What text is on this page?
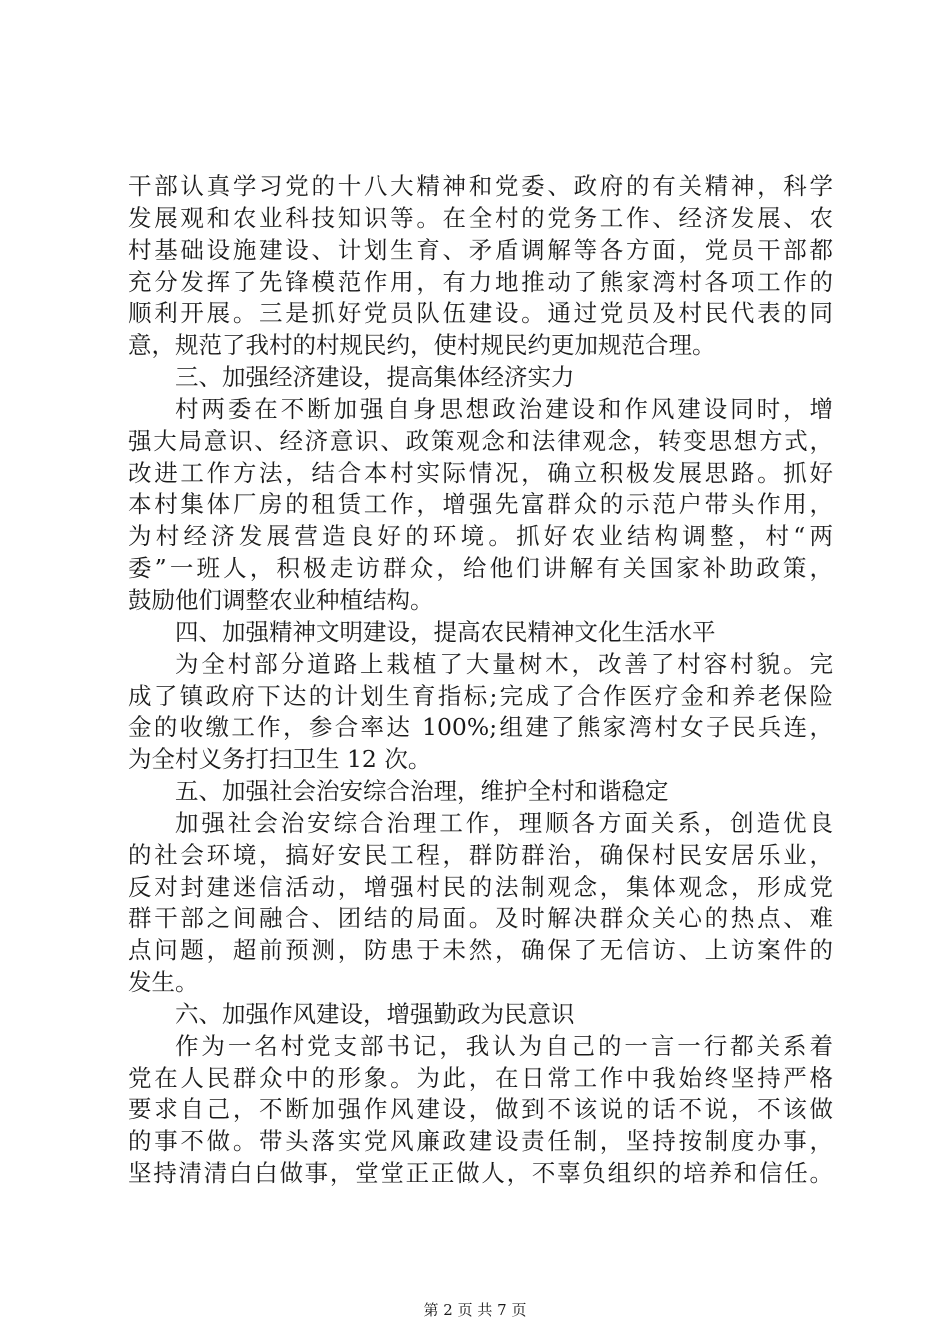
干部认真学习党的十八大精神和党委、政府的有关精神，科学
发展观和农业科技知识等。在全村的党务工作、经济发展、农
村基础设施建设、计划生育、矛盾调解等各方面，党员干部都
充分发挥了先锋模范作用，有力地推动了熊家湾村各项工作的
顺利开展。三是抓好党员队伍建设。通过党员及村民代表的同
意，规范了我村的村规民约，使村规民约更加规范合理。
三、加强经济建设，提高集体经济实力
村两委在不断加强自身思想政治建设和作风建设同时，增
强大局意识、经济意识、政策观念和法律观念，转变思想方式，
改进工作方法，结合本村实际情况，确立积极发展思路。抓好
本村集体厂房的租赁工作，增强先富群众的示范户带头作用，
为村经济发展营造良好的环境。抓好农业结构调整，村“两
委”一班人，积极走访群众，给他们讲解有关国家补助政策，
鼓励他们调整农业种植结构。
四、加强精神文明建设，提高农民精神文化生活水平
为全村部分道路上栽植了大量树木，改善了村容村貌。完
成了镇政府下达的计划生育指标;完成了合作医疗金和养老保险
金的收缴工作，参合率达 100%;组建了熊家湾村女子民兵连，
为全村义务打扫卫生 12 次。
五、加强社会治安综合治理，维护全村和谐稳定
加强社会治安综合治理工作，理顺各方面关系，创造优良
的社会环境，搞好安民工程，群防群治，确保村民安居乐业，
反对封建迷信活动，增强村民的法制观念，集体观念，形成党
群干部之间融合、团结的局面。及时解决群众关心的热点、难
点问题，超前预测，防患于未然，确保了无信访、上访案件的
发生。
六、加强作风建设，增强勤政为民意识
作为一名村党支部书记，我认为自己的一言一行都关系着
党在人民群众中的形象。为此，在日常工作中我始终坚持严格
要求自己，不断加强作风建设，做到不该说的话不说，不该做
的事不做。带头落实党风廉政建设责任制，坚持按制度办事，
坚持清清白白做事，堂堂正正做人，不辜负组织的培养和信任。
第 2 页 共 7 页
